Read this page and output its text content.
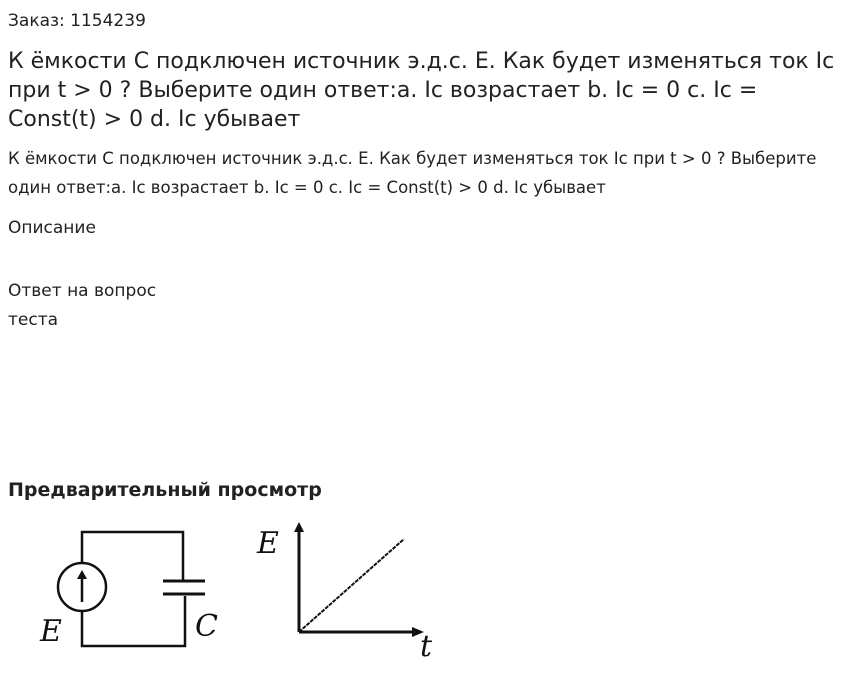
Заказ: 1154239
К ёмкости С подключен источник э.д.с. Е. Как будет изменяться ток Ic при t > 0 ? Выберите один ответ:a. Ic возрастает b. Ic = 0 c. Ic = Const(t) > 0 d. Ic убывает

К ёмкости С подключен источник э.д.с. Е. Как будет изменяться ток Ic при t > 0 ? Выберите один ответ:a. Ic возрастает b. Ic = 0 c. Ic = Const(t) > 0 d. Ic убывает

Описание
Ответ на вопрос теста
Предварительный просмотр
E	C
E
t
